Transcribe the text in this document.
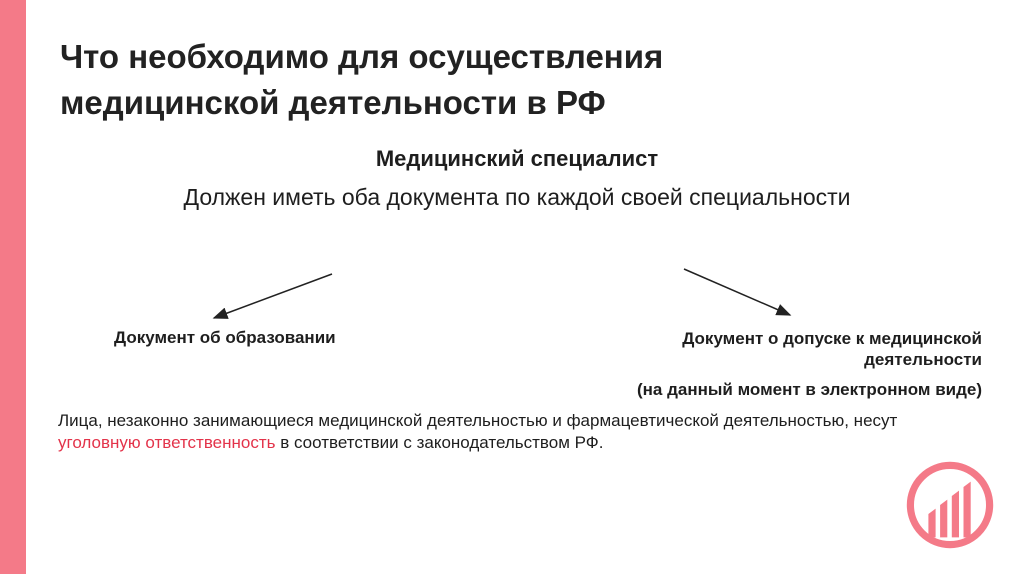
Что необходимо для осуществления
медицинской деятельности в РФ
Медицинский специалист
Должен иметь оба документа по каждой своей специальности
Документ об образовании	Документ о допуске к медицинской деятельности
(на данный момент в электронном виде)
Лица, незаконно занимающиеся медицинской деятельностью и фармацевтической деятельностью, несут уголовную ответственность в соответствии с законодательством РФ.
